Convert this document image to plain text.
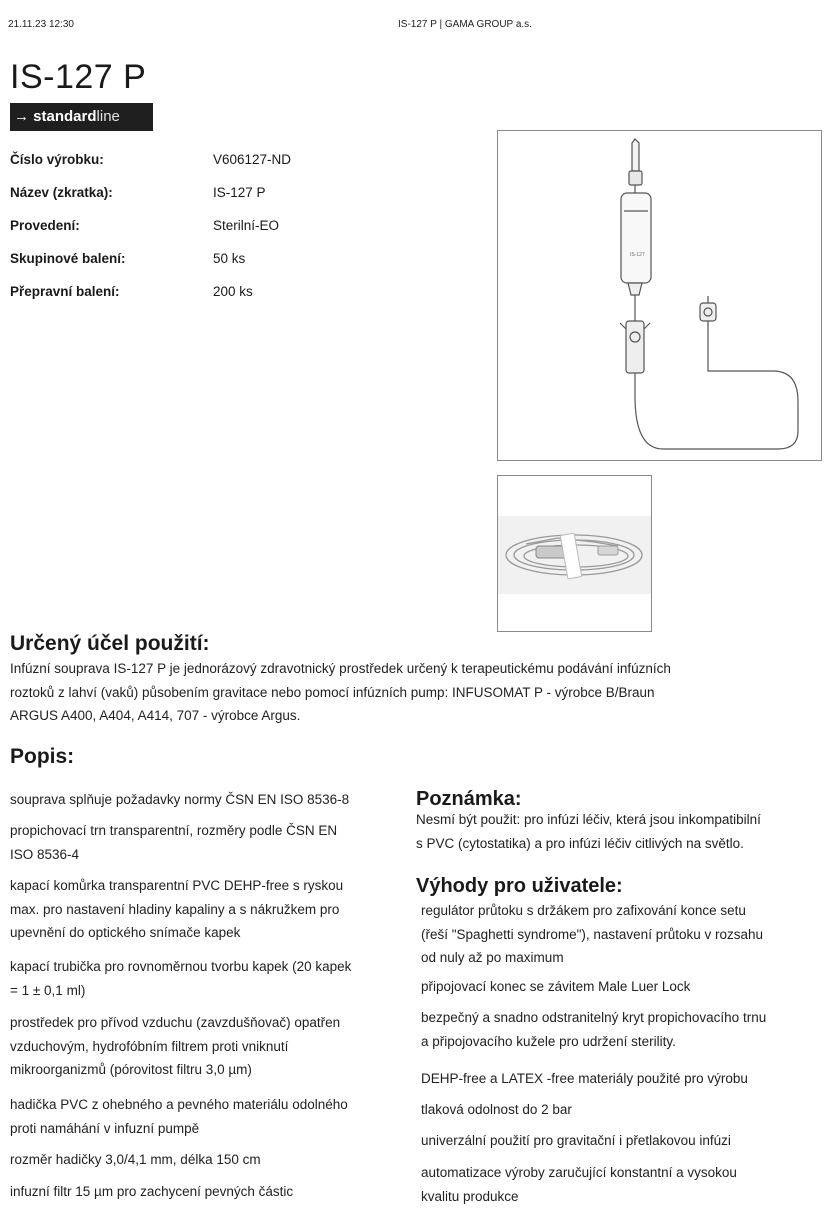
21.11.23 12:30	IS-127 P | GAMA GROUP a.s.
IS-127 P
→ standardline
Číslo výrobku:	V606127-ND
Název (zkratka):	IS-127 P
Provedení:	Sterilní-EO
Skupinové balení:	50 ks
Přepravní balení:	200 ks
IS-127
Určený účel použití:
Infúzní souprava IS-127 P je jednorázový zdravotnický prostředek určený k terapeutickému podávání infúzních
roztoků z lahví (vaků) působením gravitace nebo pomocí infúzních pump: INFUSOMAT P - výrobce B/Braun
ARGUS A400, A404, A414, 707 - výrobce Argus.
Popis:
souprava splňuje požadavky normy ČSN EN ISO 8536-8
propichovací trn transparentní, rozměry podle ČSN EN
ISO 8536-4
kapací komůrka transparentní PVC DEHP-free s ryskou
max. pro nastavení hladiny kapaliny a s nákružkem pro
upevnění do optického snímače kapek
kapací trubička pro rovnoměrnou tvorbu kapek (20 kapek
= 1 ± 0,1 ml)
prostředek pro přívod vzduchu (zavzdušňovač) opatřen
vzduchovým, hydrofóbním filtrem proti vniknutí
mikroorganizmů (pórovitost filtru 3,0 µm)
hadička PVC z ohebného a pevného materiálu odolného
proti namáhání v infuzní pumpě
rozměr hadičky 3,0/4,1 mm, délka 150 cm
infuzní filtr 15 µm pro zachycení pevných částic
Poznámka:
Nesmí být použit: pro infúzi léčiv, která jsou inkompatibilní
s PVC (cytostatika) a pro infúzi léčiv citlivých na světlo.
Výhody pro uživatele:
regulátor průtoku s držákem pro zafixování konce setu
(řeší "Spaghetti syndrome"), nastavení průtoku v rozsahu
od nuly až po maximum
připojovací konec se závitem Male Luer Lock
bezpečný a snadno odstranitelný kryt propichovacího trnu
a připojovacího kužele pro udržení sterility.
DEHP-free a LATEX -free materiály použité pro výrobu
tlaková odolnost do 2 bar
univerzální použití pro gravitační i přetlakovou infúzi
automatizace výroby zaručující konstantní a vysokou
kvalitu produkce
